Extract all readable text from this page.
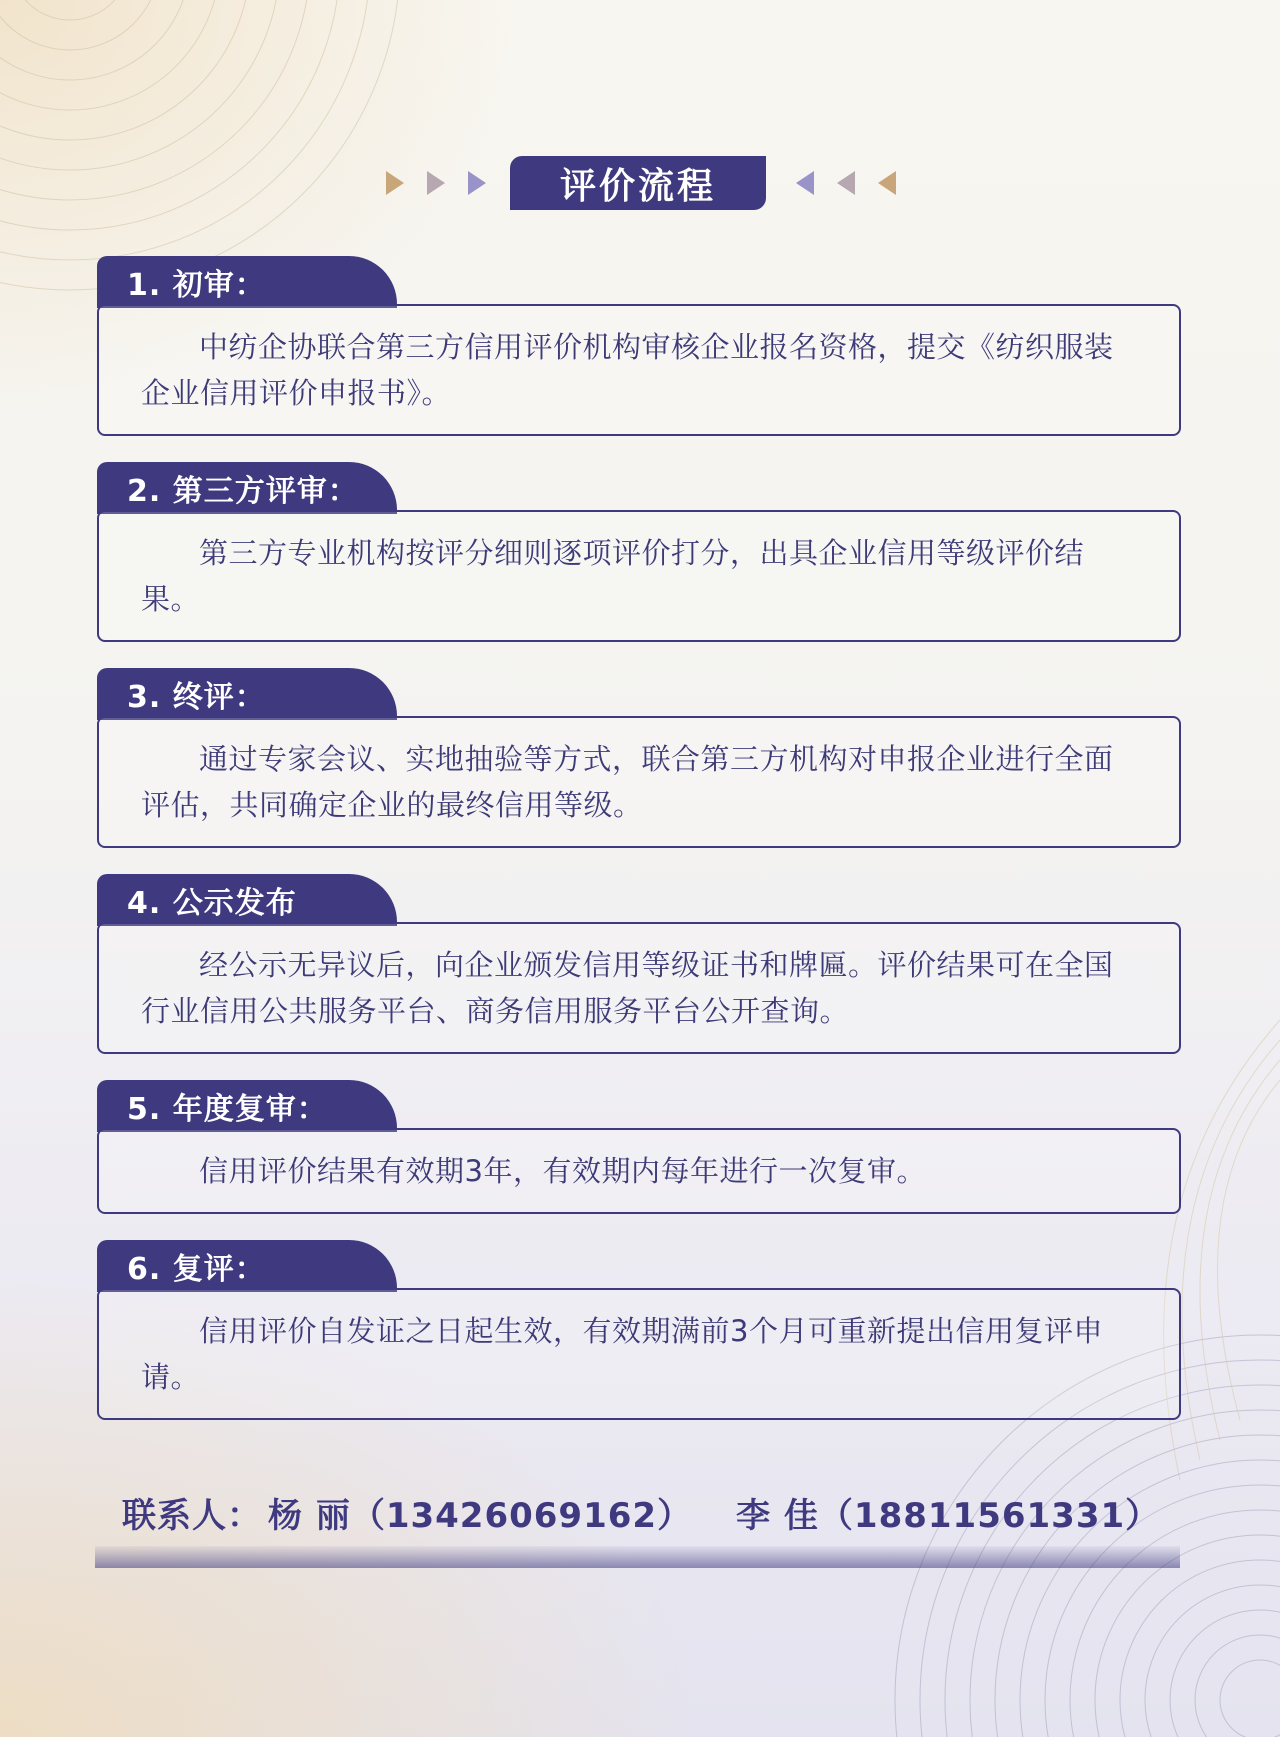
评价流程
1. 初审：
中纺企协联合第三方信用评价机构审核企业报名资格，提交《纺织服装企业信用评价申报书》。
2. 第三方评审：
第三方专业机构按评分细则逐项评价打分，出具企业信用等级评价结果。
3. 终评：
通过专家会议、实地抽验等方式，联合第三方机构对申报企业进行全面评估，共同确定企业的最终信用等级。
4. 公示发布
经公示无异议后，向企业颁发信用等级证书和牌匾。评价结果可在全国行业信用公共服务平台、商务信用服务平台公开查询。
5. 年度复审：
信用评价结果有效期3年，有效期内每年进行一次复审。
6. 复评：
信用评价自发证之日起生效，有效期满前3个月可重新提出信用复评申请。
联系人： 杨 丽（13426069162） 李 佳（18811561331）
